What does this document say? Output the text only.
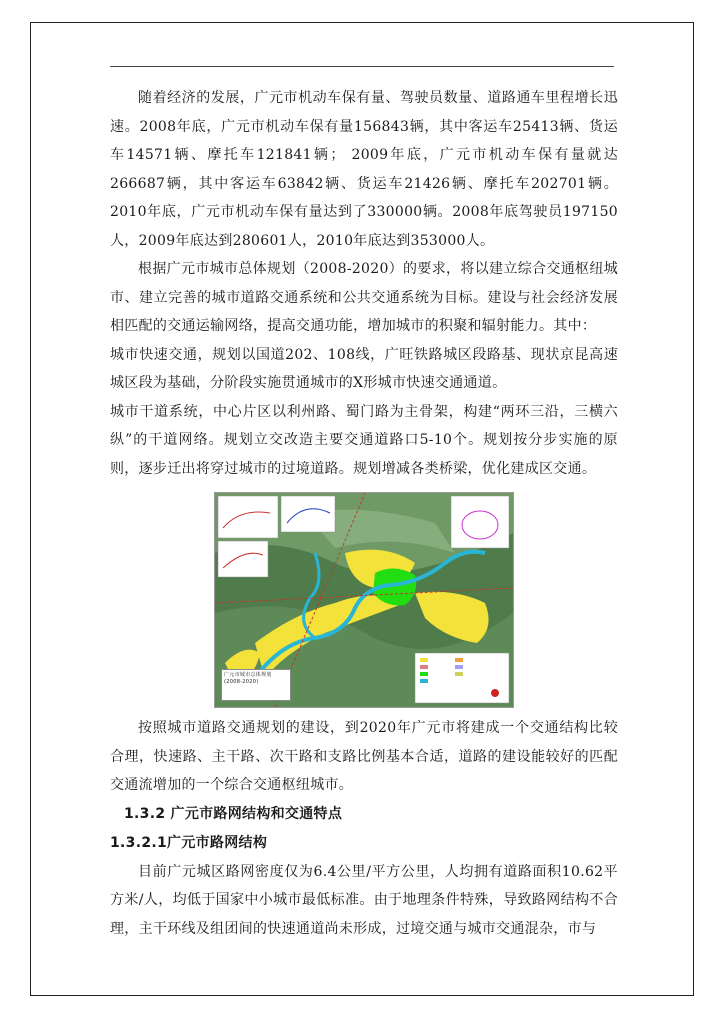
随着经济的发展，广元市机动车保有量、驾驶员数量、道路通车里程增长迅速。2008年底，广元市机动车保有量156843辆，其中客运车25413辆、货运车14571辆、摩托车121841辆； 2009年底，广元市机动车保有量就达266687辆，其中客运车63842辆、货运车21426辆、摩托车202701辆。2010年底，广元市机动车保有量达到了330000辆。2008年底驾驶员197150人，2009年底达到280601人，2010年底达到353000人。

根据广元市城市总体规划（2008-2020）的要求，将以建立综合交通枢纽城市、建立完善的城市道路交通系统和公共交通系统为目标。建设与社会经济发展相匹配的交通运输网络，提高交通功能，增加城市的积聚和辐射能力。其中：

城市快速交通，规划以国道202、108线，广旺铁路城区段路基、现状京昆高速城区段为基础，分阶段实施贯通城市的X形城市快速交通通道。

城市干道系统，中心片区以利州路、蜀门路为主骨架，构建“两环三沿，三横六纵”的干道网络。规划立交改造主要交通道路口5-10个。规划按分步实施的原则，逐步迁出将穿过城市的过境道路。规划增减各类桥梁，优化建成区交通。

广元市城市总体规划
(2008-2020)

按照城市道路交通规划的建设，到2020年广元市将建成一个交通结构比较合理，快速路、主干路、次干路和支路比例基本合适，道路的建设能较好的匹配交通流增加的一个综合交通枢纽城市。

1.3.2 广元市路网结构和交通特点

1.3.2.1广元市路网结构

目前广元城区路网密度仅为6.4公里/平方公里，人均拥有道路面积10.62平方米/人，均低于国家中小城市最低标准。由于地理条件特殊，导致路网结构不合理，主干环线及组团间的快速通道尚未形成，过境交通与城市交通混杂，市与
